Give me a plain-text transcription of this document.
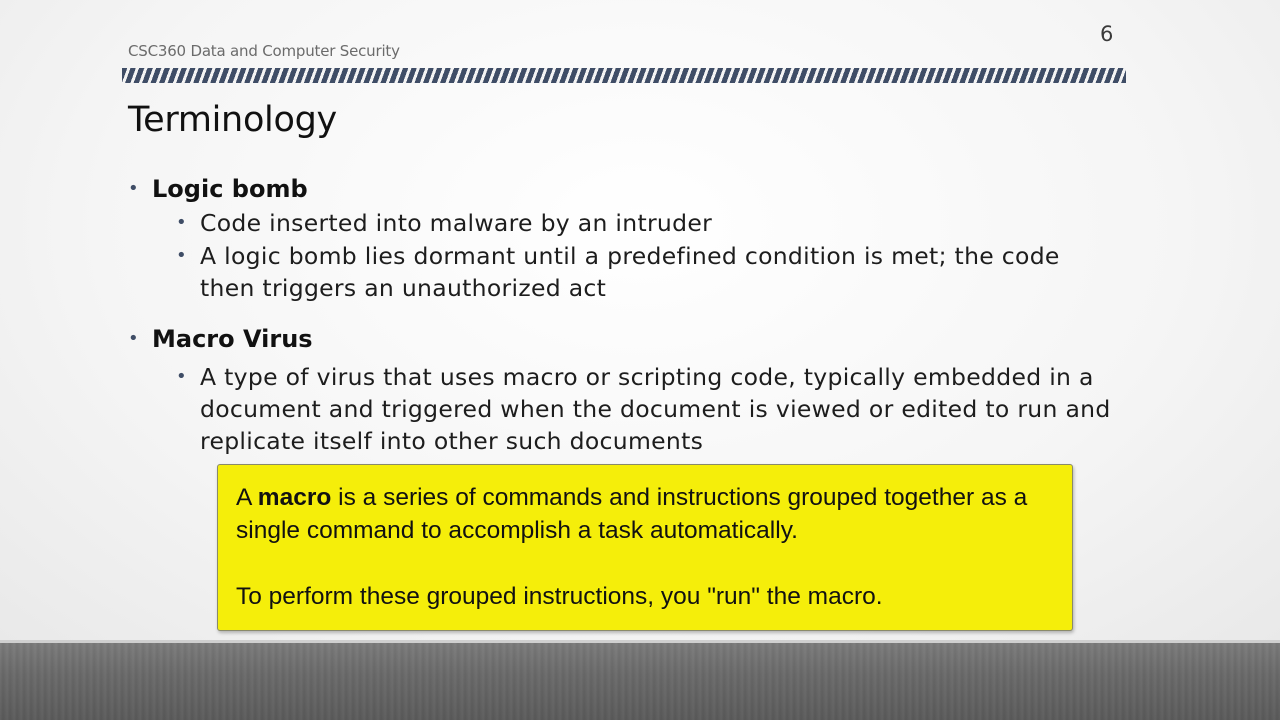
CSC360 Data and Computer Security
6
Terminology
• Logic bomb
• Code inserted into malware by an intruder
• A logic bomb lies dormant until a predefined condition is met; the code then triggers an unauthorized act
• Macro Virus
• A type of virus that uses macro or scripting code, typically embedded in a document and triggered when the document is viewed or edited to run and replicate itself into other such documents

A macro is a series of commands and instructions grouped together as a single command to accomplish a task automatically.

To perform these grouped instructions, you "run" the macro.
